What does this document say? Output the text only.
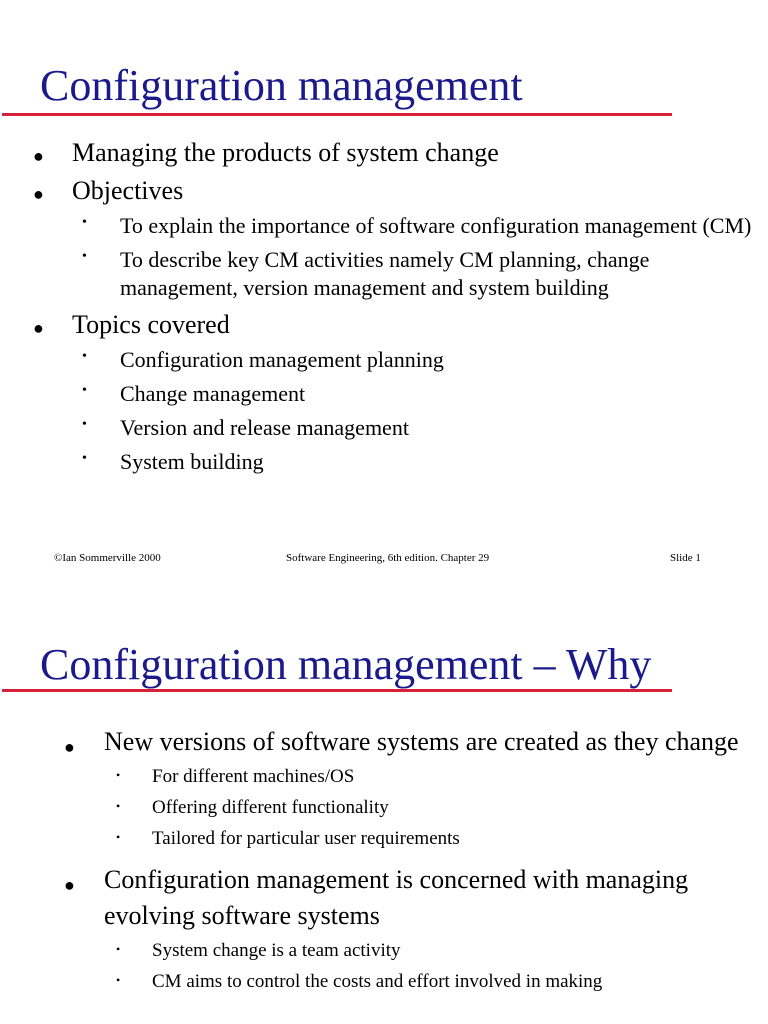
Configuration management
● Managing the products of system change
● Objectives
• To explain the importance of software configuration management (CM)
• To describe key CM activities namely CM planning, change management, version management and system building
● Topics covered
• Configuration management planning
• Change management
• Version and release management
• System building
©Ian Sommerville 2000	Software Engineering, 6th edition. Chapter 29	Slide 1
Configuration management – Why
● New versions of software systems are created as they change
• For different machines/OS
• Offering different functionality
• Tailored for particular user requirements
● Configuration management is concerned with managing evolving software systems
• System change is a team activity
• CM aims to control the costs and effort involved in making
